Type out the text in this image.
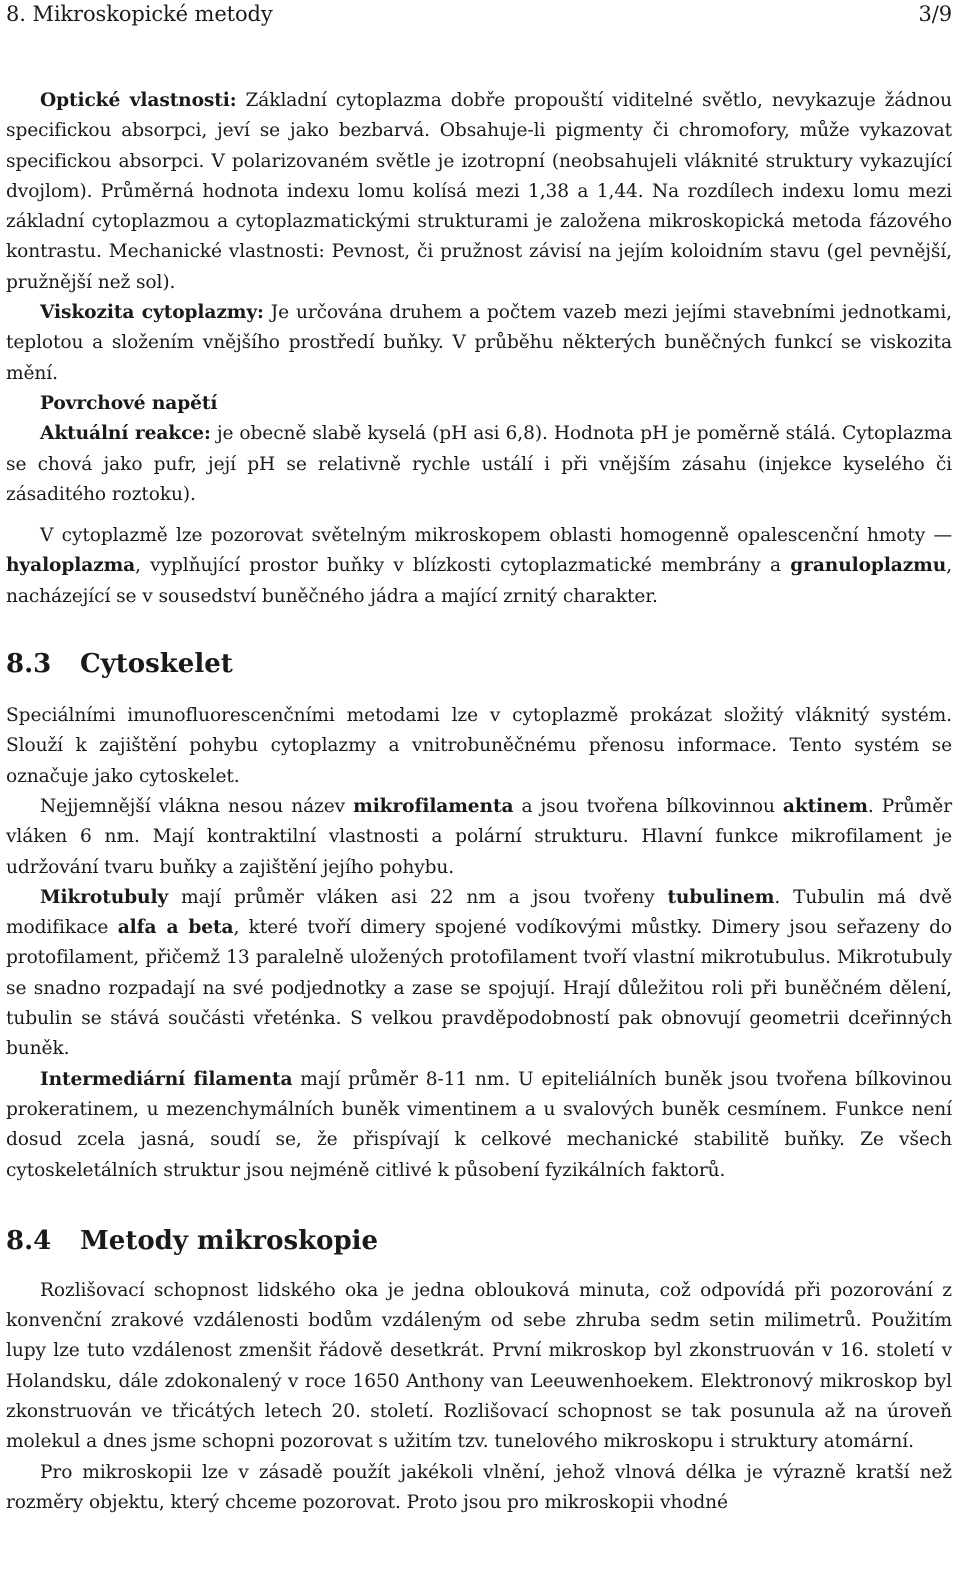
8. Mikroskopické metody	3/9

Optické vlastnosti: Základní cytoplazma dobře propouští viditelné světlo, nevykazuje žádnou specifickou absorpci, jeví se jako bezbarvá. Obsahuje-li pigmenty či chromofory, může vykazovat specifickou absorpci. V polarizovaném světle je izotropní (neobsahujeli vláknité struktury vykazující dvojlom). Průměrná hodnota indexu lomu kolísá mezi 1,38 a 1,44. Na rozdílech indexu lomu mezi základní cytoplazmou a cytoplazmatickými strukturami je založena mikroskopická metoda fázového kontrastu. Mechanické vlastnosti: Pevnost, či pružnost závisí na jejím koloidním stavu (gel pevnější, pružnější než sol).

Viskozita cytoplazmy: Je určována druhem a počtem vazeb mezi jejími stavebními jednotkami, teplotou a složením vnějšího prostředí buňky. V průběhu některých buněčných funkcí se viskozita mění.

Povrchové napětí

Aktuální reakce: je obecně slabě kyselá (pH asi 6,8). Hodnota pH je poměrně stálá. Cytoplazma se chová jako pufr, její pH se relativně rychle ustálí i při vnějším zásahu (injekce kyselého či zásaditého roztoku).

V cytoplazmě lze pozorovat světelným mikroskopem oblasti homogenně opalescenční hmoty — hyaloplazma, vyplňující prostor buňky v blízkosti cytoplazmatické membrány a granuloplazmu, nacházející se v sousedství buněčného jádra a mající zrnitý charakter.

8.3 Cytoskelet

Speciálními imunofluorescenčními metodami lze v cytoplazmě prokázat složitý vláknitý systém. Slouží k zajištění pohybu cytoplazmy a vnitrobuněčnému přenosu informace. Tento systém se označuje jako cytoskelet.

Nejjemnější vlákna nesou název mikrofilamenta a jsou tvořena bílkovinnou aktinem. Průměr vláken 6 nm. Mají kontraktilní vlastnosti a polární strukturu. Hlavní funkce mikrofilament je udržování tvaru buňky a zajištění jejího pohybu.

Mikrotubuly mají průměr vláken asi 22 nm a jsou tvořeny tubulinem. Tubulin má dvě modifikace alfa a beta, které tvoří dimery spojené vodíkovými můstky. Dimery jsou seřazeny do protofilament, přičemž 13 paralelně uložených protofilament tvoří vlastní mikrotubulus. Mikrotubuly se snadno rozpadají na své podjednotky a zase se spojují. Hrají důležitou roli při buněčném dělení, tubulin se stává součásti vřeténka. S velkou pravděpodobností pak obnovují geometrii dceřinných buněk.

Intermediární filamenta mají průměr 8-11 nm. U epiteliálních buněk jsou tvořena bílkovinou prokeratinem, u mezenchymálních buněk vimentinem a u svalových buněk cesmínem. Funkce není dosud zcela jasná, soudí se, že přispívají k celkové mechanické stabilitě buňky. Ze všech cytoskeletálních struktur jsou nejméně citlivé k působení fyzikálních faktorů.

8.4 Metody mikroskopie

Rozlišovací schopnost lidského oka je jedna oblouková minuta, což odpovídá při pozorování z konvenční zrakové vzdálenosti bodům vzdáleným od sebe zhruba sedm setin milimetrů. Použitím lupy lze tuto vzdálenost zmenšit řádově desetkrát. První mikroskop byl zkonstruován v 16. století v Holandsku, dále zdokonalený v roce 1650 Anthony van Leeuwenhoekem. Elektronový mikroskop byl zkonstruován ve třicátých letech 20. století. Rozlišovací schopnost se tak posunula až na úroveň molekul a dnes jsme schopni pozorovat s užitím tzv. tunelového mikroskopu i struktury atomární.

Pro mikroskopii lze v zásadě použít jakékoli vlnění, jehož vlnová délka je výrazně kratší než rozměry objektu, který chceme pozorovat. Proto jsou pro mikroskopii vhodné
